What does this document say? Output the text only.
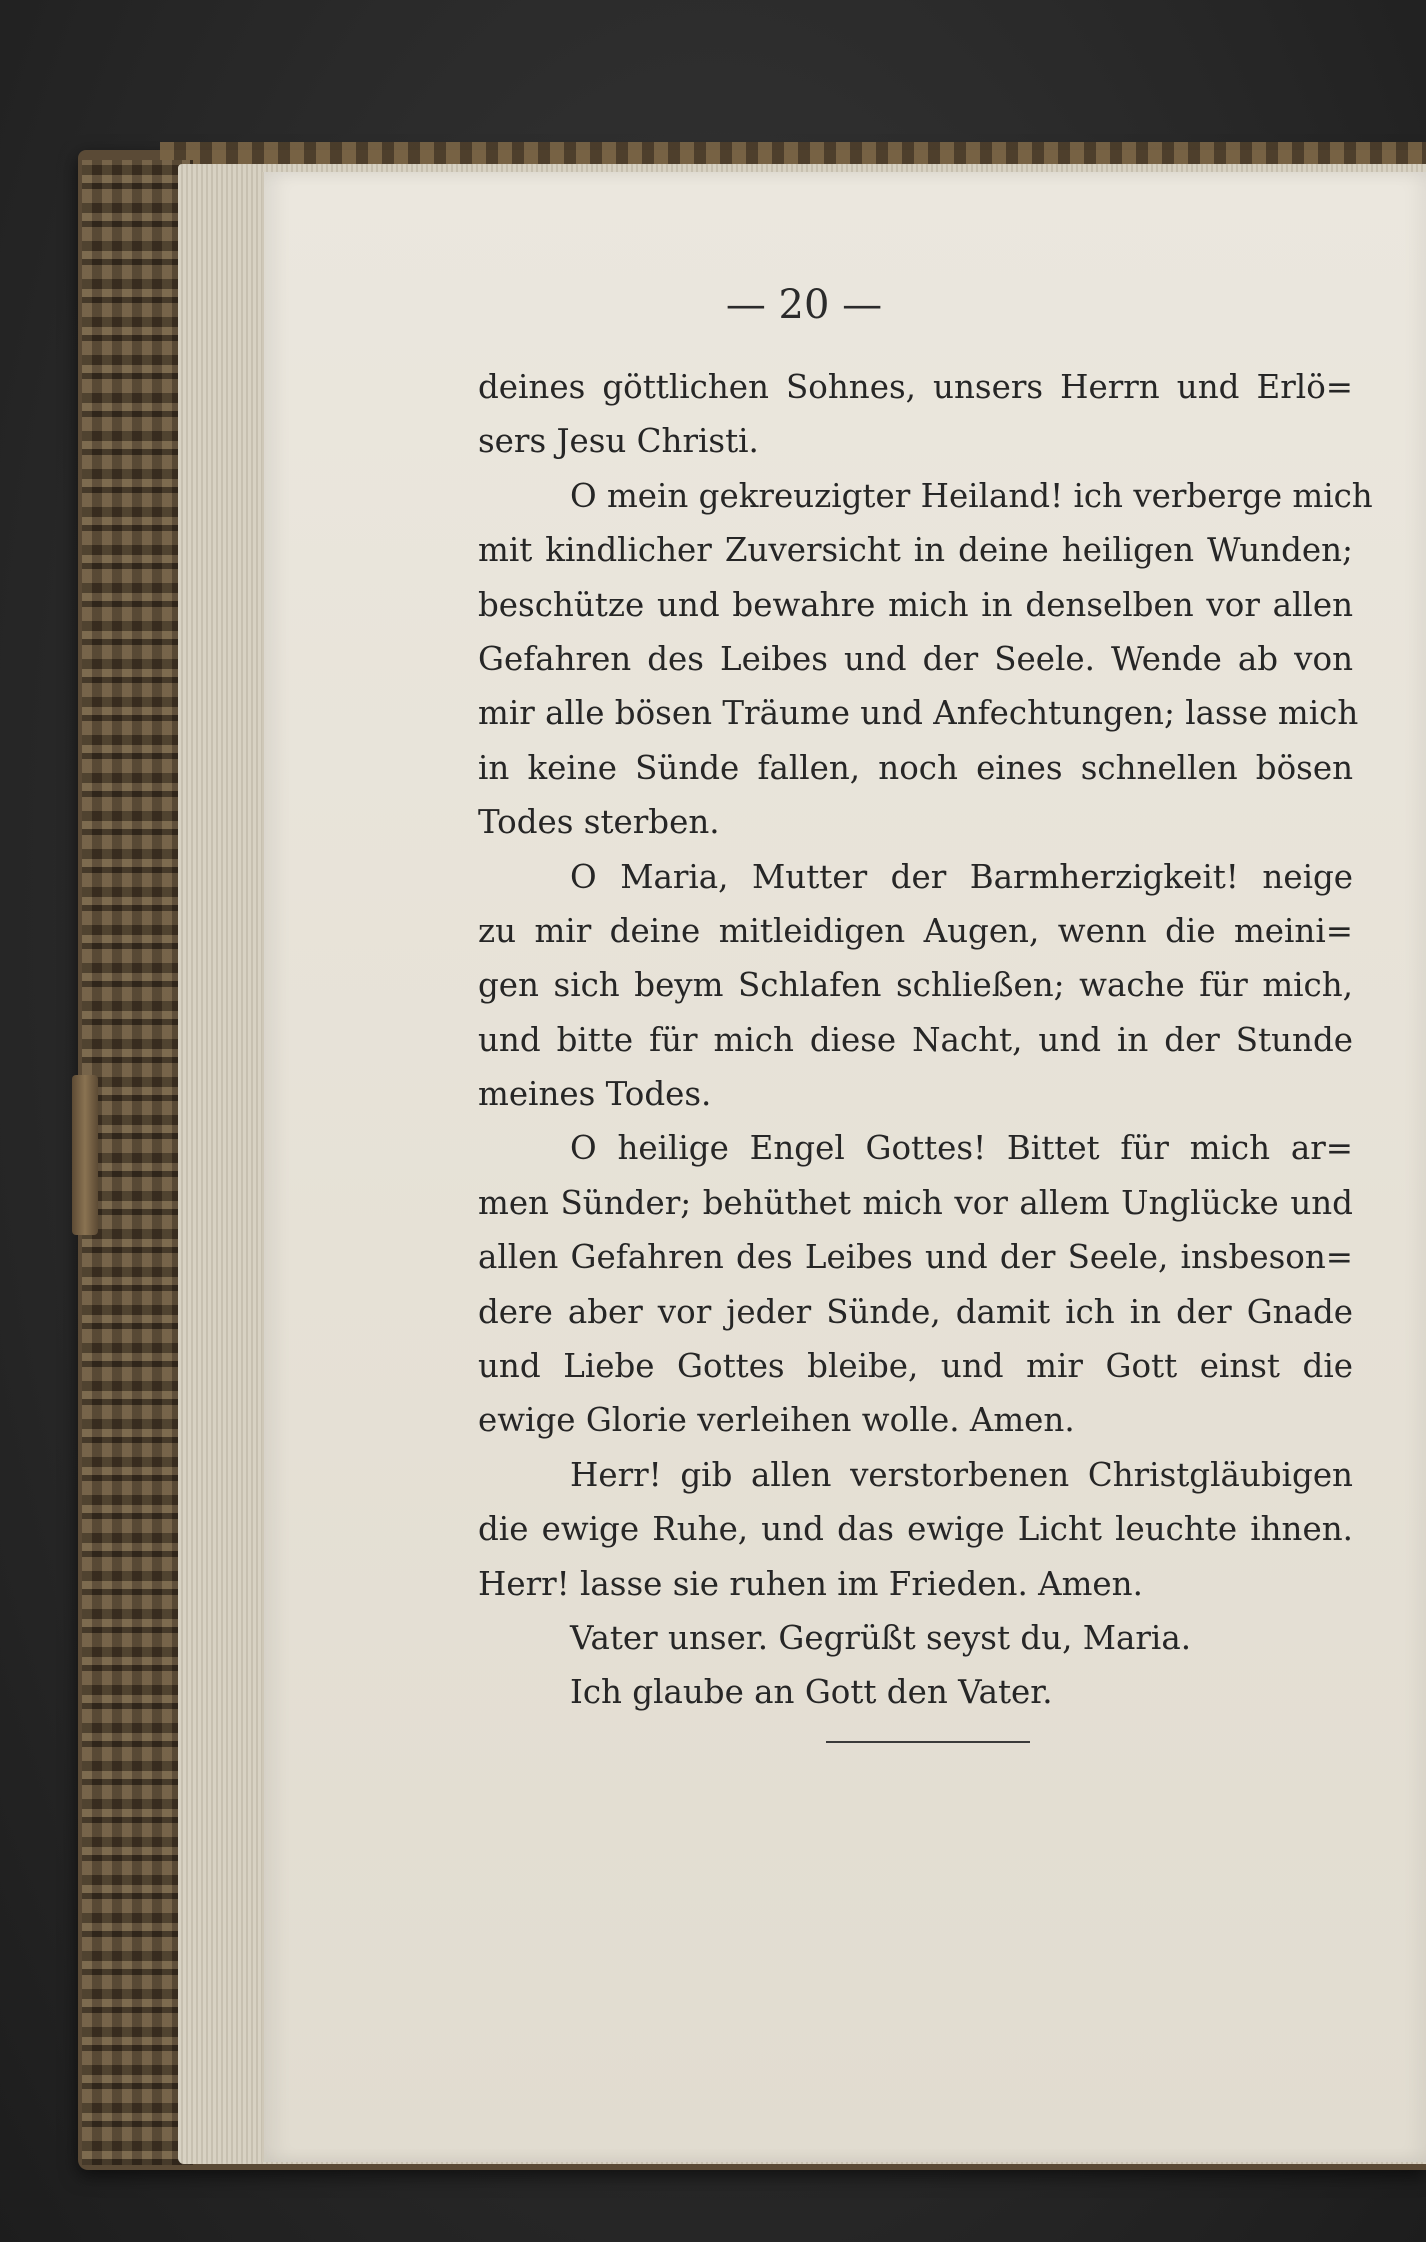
— 20 —
deines göttlichen Sohnes, unsers Herrn und Erlö=
sers Jesu Christi.
O mein gekreuzigter Heiland! ich verberge mich
mit kindlicher Zuversicht in deine heiligen Wunden;
beschütze und bewahre mich in denselben vor allen
Gefahren des Leibes und der Seele. Wende ab von
mir alle bösen Träume und Anfechtungen; lasse mich
in keine Sünde fallen, noch eines schnellen bösen
Todes sterben.
O Maria, Mutter der Barmherzigkeit! neige
zu mir deine mitleidigen Augen, wenn die meini=
gen sich beym Schlafen schließen; wache für mich,
und bitte für mich diese Nacht, und in der Stunde
meines Todes.
O heilige Engel Gottes! Bittet für mich ar=
men Sünder; behüthet mich vor allem Unglücke und
allen Gefahren des Leibes und der Seele, insbeson=
dere aber vor jeder Sünde, damit ich in der Gnade
und Liebe Gottes bleibe, und mir Gott einst die
ewige Glorie verleihen wolle. Amen.
Herr! gib allen verstorbenen Christgläubigen
die ewige Ruhe, und das ewige Licht leuchte ihnen.
Herr! lasse sie ruhen im Frieden. Amen.
Vater unser. Gegrüßt seyst du, Maria.
Ich glaube an Gott den Vater.
